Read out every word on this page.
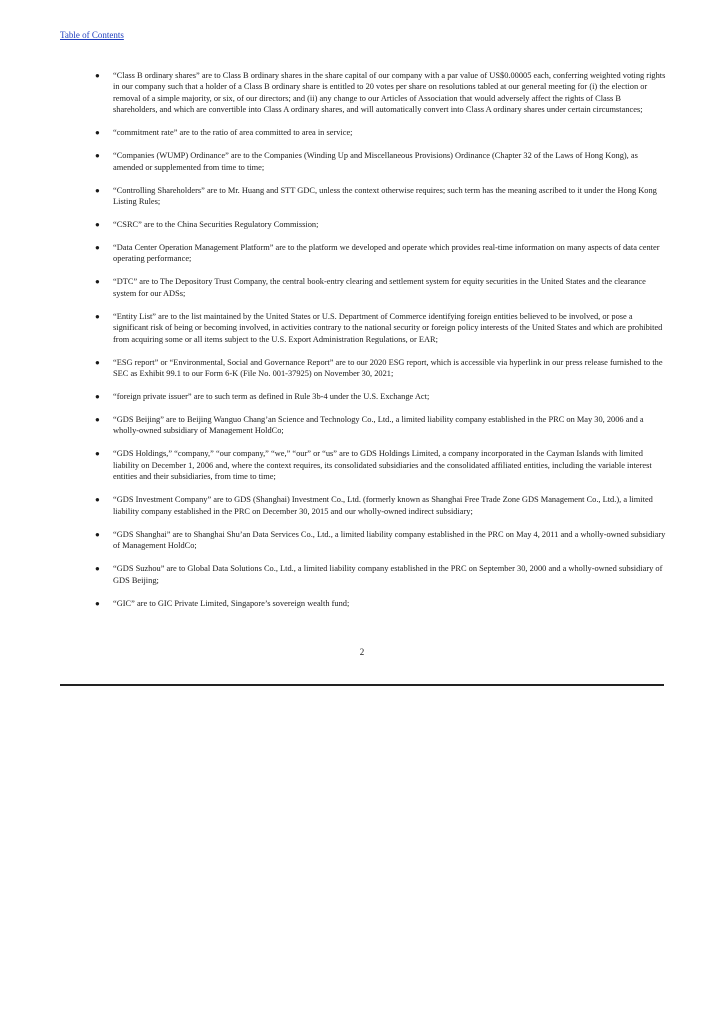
Table of Contents
● “Class B ordinary shares” are to Class B ordinary shares in the share capital of our company with a par value of US$0.00005 each, conferring weighted voting rights in our company such that a holder of a Class B ordinary share is entitled to 20 votes per share on resolutions tabled at our general meeting for (i) the election or removal of a simple majority, or six, of our directors; and (ii) any change to our Articles of Association that would adversely affect the rights of Class B shareholders, and which are convertible into Class A ordinary shares, and will automatically convert into Class A ordinary shares under certain circumstances;
● “commitment rate” are to the ratio of area committed to area in service;
● “Companies (WUMP) Ordinance” are to the Companies (Winding Up and Miscellaneous Provisions) Ordinance (Chapter 32 of the Laws of Hong Kong), as amended or supplemented from time to time;
● “Controlling Shareholders” are to Mr. Huang and STT GDC, unless the context otherwise requires; such term has the meaning ascribed to it under the Hong Kong Listing Rules;
● “CSRC” are to the China Securities Regulatory Commission;
● “Data Center Operation Management Platform” are to the platform we developed and operate which provides real-time information on many aspects of data center operating performance;
● “DTC” are to The Depository Trust Company, the central book-entry clearing and settlement system for equity securities in the United States and the clearance system for our ADSs;
● “Entity List” are to the list maintained by the United States or U.S. Department of Commerce identifying foreign entities believed to be involved, or pose a significant risk of being or becoming involved, in activities contrary to the national security or foreign policy interests of the United States and which are prohibited from acquiring some or all items subject to the U.S. Export Administration Regulations, or EAR;
● “ESG report” or “Environmental, Social and Governance Report” are to our 2020 ESG report, which is accessible via hyperlink in our press release furnished to the SEC as Exhibit 99.1 to our Form 6-K (File No. 001-37925) on November 30, 2021;
● “foreign private issuer” are to such term as defined in Rule 3b-4 under the U.S. Exchange Act;
● “GDS Beijing” are to Beijing Wanguo Chang’an Science and Technology Co., Ltd., a limited liability company established in the PRC on May 30, 2006 and a wholly-owned subsidiary of Management HoldCo;
● “GDS Holdings,” “company,” “our company,” “we,” “our” or “us” are to GDS Holdings Limited, a company incorporated in the Cayman Islands with limited liability on December 1, 2006 and, where the context requires, its consolidated subsidiaries and the consolidated affiliated entities, including the variable interest entities and their subsidiaries, from time to time;
● “GDS Investment Company” are to GDS (Shanghai) Investment Co., Ltd. (formerly known as Shanghai Free Trade Zone GDS Management Co., Ltd.), a limited liability company established in the PRC on December 30, 2015 and our wholly-owned indirect subsidiary;
● “GDS Shanghai” are to Shanghai Shu’an Data Services Co., Ltd., a limited liability company established in the PRC on May 4, 2011 and a wholly-owned subsidiary of Management HoldCo;
● “GDS Suzhou” are to Global Data Solutions Co., Ltd., a limited liability company established in the PRC on September 30, 2000 and a wholly-owned subsidiary of GDS Beijing;
● “GIC” are to GIC Private Limited, Singapore’s sovereign wealth fund;
2
